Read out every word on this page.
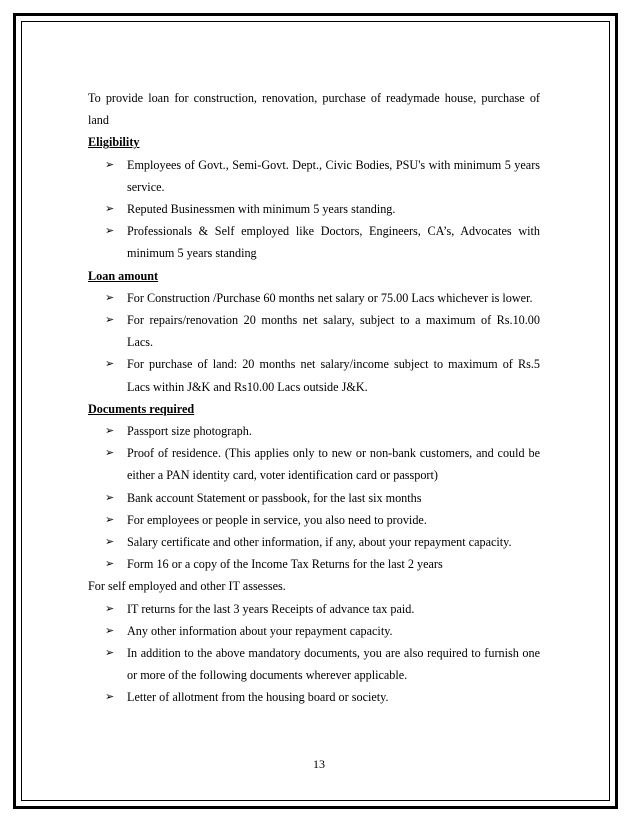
To provide loan for construction, renovation, purchase of readymade house, purchase of land

Eligibility

➢ Employees of Govt., Semi-Govt. Dept., Civic Bodies, PSU's with minimum 5 years service.

➢ Reputed Businessmen with minimum 5 years standing.

➢ Professionals & Self employed like Doctors, Engineers, CA’s, Advocates with minimum 5 years standing

Loan amount

➢ For Construction /Purchase 60 months net salary or 75.00 Lacs whichever is lower.

➢ For repairs/renovation 20 months net salary, subject to a maximum of Rs.10.00 Lacs.

➢ For purchase of land: 20 months net salary/income subject to maximum of Rs.5 Lacs within J&K and Rs10.00 Lacs outside J&K.

Documents required

➢ Passport size photograph.

➢ Proof of residence. (This applies only to new or non-bank customers, and could be either a PAN identity card, voter identification card or passport)

➢ Bank account Statement or passbook, for the last six months

➢ For employees or people in service, you also need to provide.

➢ Salary certificate and other information, if any, about your repayment capacity.

➢ Form 16 or a copy of the Income Tax Returns for the last 2 years

For self employed and other IT assesses.

➢ IT returns for the last 3 years Receipts of advance tax paid.

➢ Any other information about your repayment capacity.

➢ In addition to the above mandatory documents, you are also required to furnish one or more of the following documents wherever applicable.

➢ Letter of allotment from the housing board or society.

13
